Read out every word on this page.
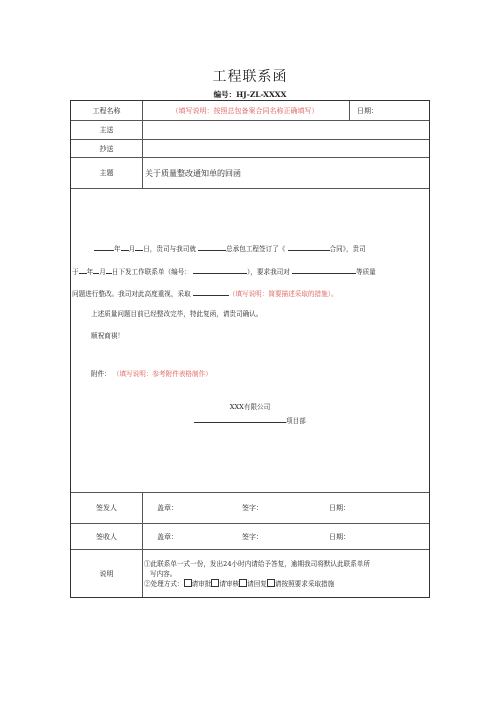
工程联系函
编号：HJ-ZL-XXXX
工程名称	（填写说明：按照总包备案合同名称正确填写）	日期：
主送
抄送
主题	关于质量整改通知单的回函
年 月 日，贵司与我司就	总承包工程签订了《	合同》，贵司
于 年 月 日下发工作联系单（编号：	），要求我司对	等质量
问题进行整改。我司对此高度重视，采取	（填写说明：简要描述采取的措施）。
上述质量问题目前已经整改完毕，特此复函，请贵司确认。
顺祝商祺！
附件： （填写说明：参考附件表格制作）
XXX有限公司
项目部
签发人	盖章：	签字：	日期：
签收人	盖章：	签字：	日期：
说明
①此联系单一式一份，发出24小时内请给予答复，逾期我司将默认此联系单所
写内容。
②处理方式： 请审批 请审核 请回复 请按照要求采取措施
